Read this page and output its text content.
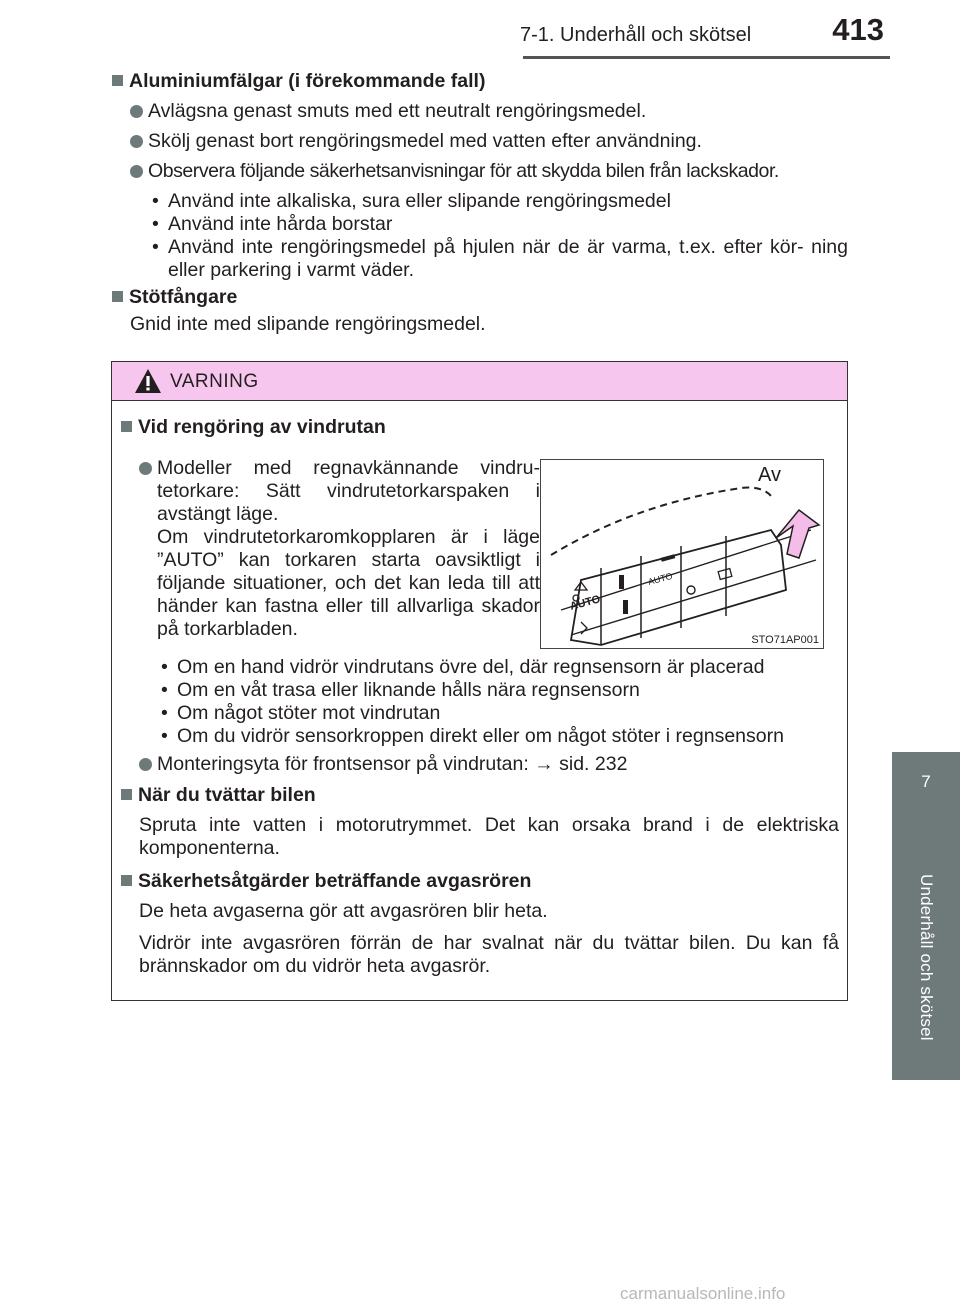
7-1. Underhåll och skötsel	413
7
Underhåll och skötsel
Aluminiumfälgar (i förekommande fall)
Avlägsna genast smuts med ett neutralt rengöringsmedel.
Skölj genast bort rengöringsmedel med vatten efter användning.
Observera följande säkerhetsanvisningar för att skydda bilen från lackskador.
• Använd inte alkaliska, sura eller slipande rengöringsmedel
• Använd inte hårda borstar
• Använd inte rengöringsmedel på hjulen när de är varma, t.ex. efter kör- ning eller parkering i varmt väder.
Stötfångare
Gnid inte med slipande rengöringsmedel.
VARNING
Vid rengöring av vindrutan
Modeller med regnavkännande vindru- tetorkare: Sätt vindrutetorkarspaken i avstängt läge.
Om vindrutetorkaromkopplaren är i läge ”AUTO” kan torkaren starta oavsiktligt i följande situationer, och det kan leda till att händer kan fastna eller till allvarliga skador på torkarbladen.
• Om en hand vidrör vindrutans övre del, där regnsensorn är placerad
• Om en våt trasa eller liknande hålls nära regnsensorn
• Om något stöter mot vindrutan
• Om du vidrör sensorkroppen direkt eller om något stöter i regnsensorn
Monteringsyta för frontsensor på vindrutan: → sid. 232
När du tvättar bilen
Spruta inte vatten i motorutrymmet. Det kan orsaka brand i de elektriska komponenterna.
Säkerhetsåtgärder beträffande avgasrören
De heta avgaserna gör att avgasrören blir heta.
Vidrör inte avgasrören förrän de har svalnat när du tvättar bilen. Du kan få brännskador om du vidrör heta avgasrör.
AUTO
AUTO
Av
STO71AP001
carmanualsonline.info
